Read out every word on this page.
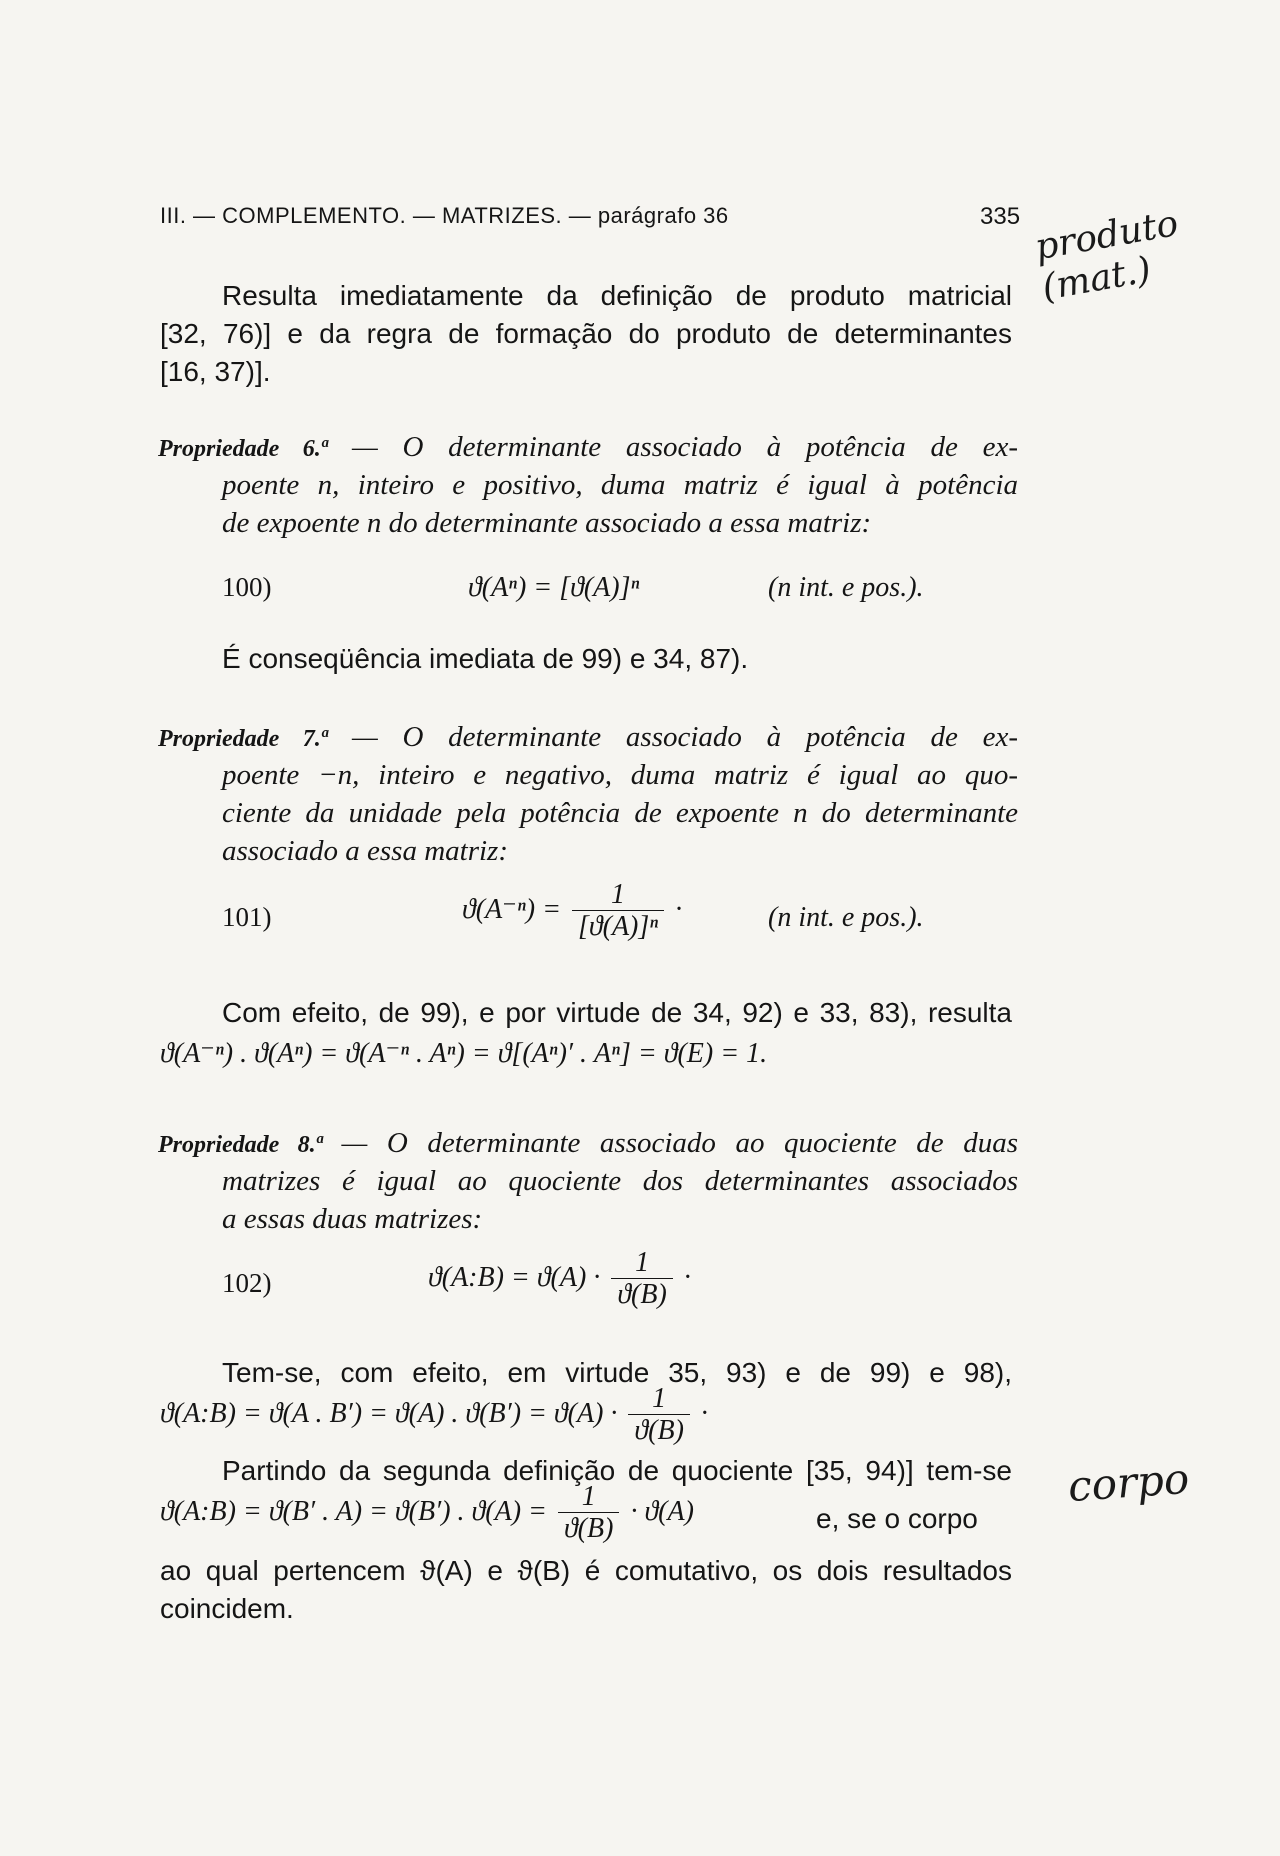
III. — COMPLEMENTO. — MATRIZES. — parágrafo 36	335 produto (mat.)
corpo
Resulta imediatamente da definição de produto matricial
[32, 76)] e da regra de formação do produto de determinantes
[16, 37)].
Propriedade 6.ª — O determinante associado à potência de ex-
poente n, inteiro e positivo, duma matriz é igual à potência
de expoente n do determinante associado a essa matriz:
100)	ϑ(Aⁿ) = [ϑ(A)]ⁿ	(n int. e pos.).
É conseqüência imediata de 99) e 34, 87).
Propriedade 7.ª — O determinante associado à potência de ex-
poente −n, inteiro e negativo, duma matriz é igual ao quo-
ciente da unidade pela potência de expoente n do determinante
associado a essa matriz:
101)	$ϑ(A^{-n}) = \frac{1}{\text{[ϑ(A)]ⁿ}}$ ·	(n int. e pos.).
Com efeito, de 99), e por virtude de 34, 92) e 33, 83), resulta
ϑ(A⁻ⁿ) . ϑ(Aⁿ) = ϑ(A⁻ⁿ . Aⁿ) = ϑ[(Aⁿ)′ . Aⁿ] = ϑ(E) = 1.
Propriedade 8.ª — O determinante associado ao quociente de duas
matrizes é igual ao quociente dos determinantes associados
a essas duas matrizes:
102)	ϑ(A:B) = $ϑ(A) \cdot \frac{1}{ϑ(B)}$ ·
Tem-se, com efeito, em virtude 35, 93) e de 99) e 98),
ϑ(A:B) = ϑ(A . B′) = ϑ(A) . $ϑ(B') = ϑ(A) \cdot \frac{1}{ϑ(B)}$ ·
Partindo da segunda definição de quociente [35, 94)] tem-se
ϑ(A:B) = ϑ(B′ . A) = ϑ(B′) . $ϑ(A) = \frac{1}{ϑ(B)} \cdot ϑ(A)$	e, se o corpo
ao qual pertencem ϑ(A) e ϑ(B) é comutativo, os dois resultados
coincidem.
